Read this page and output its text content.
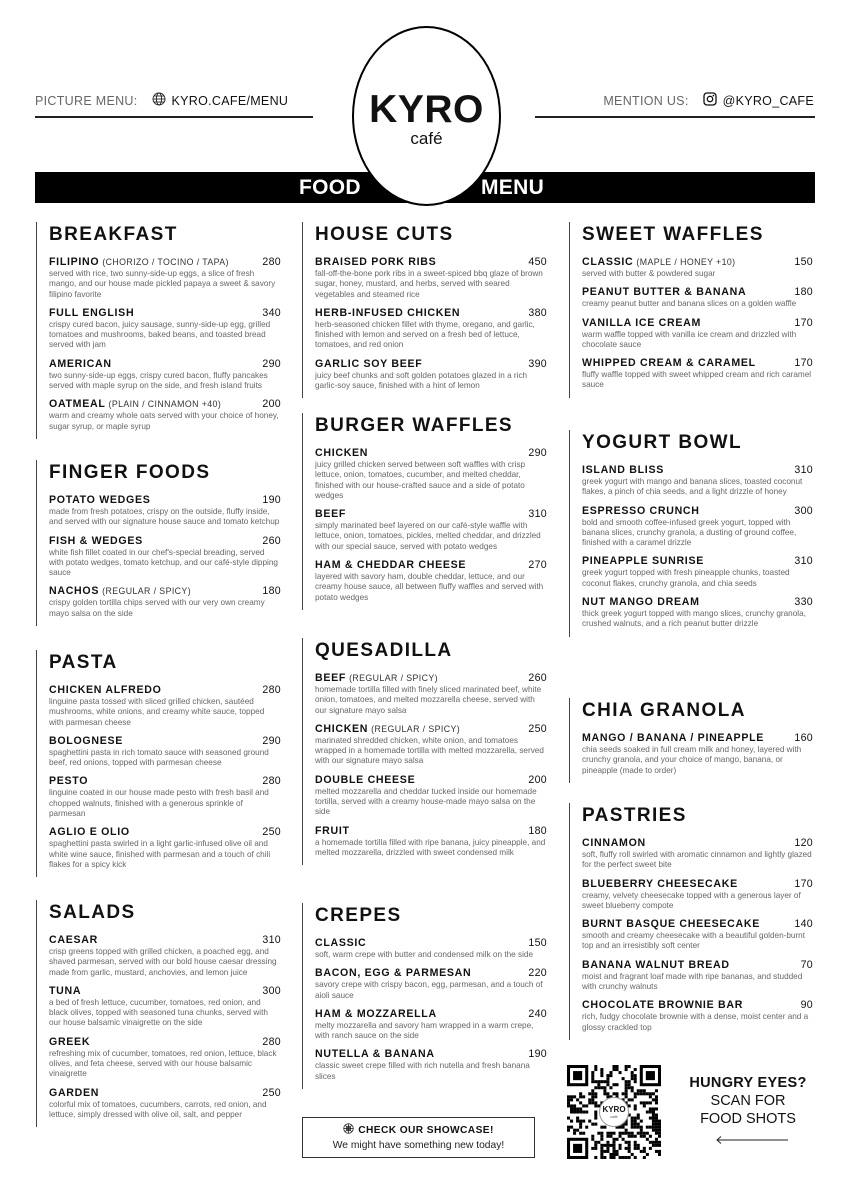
PICTURE MENU:	KYRO.CAFE/MENU	MENTION US:	@KYRO_CAFE
FOOD	MENU
KYRO
café
BREAKFAST
FILIPINO (CHORIZO / TOCINO / TAPA)	280
served with rice, two sunny-side-up eggs, a slice of fresh mango, and our house made pickled papaya a sweet & savory filipino favorite
FULL ENGLISH	340
crispy cured bacon, juicy sausage, sunny-side-up egg, grilled tomatoes and mushrooms, baked beans, and toasted bread served with jam
AMERICAN	290
two sunny-side-up eggs, crispy cured bacon, fluffy pancakes served with maple syrup on the side, and fresh island fruits
OATMEAL (PLAIN / CINNAMON +40)	200
warm and creamy whole oats served with your choice of honey, sugar syrup, or maple syrup
FINGER FOODS
POTATO WEDGES	190
made from fresh potatoes, crispy on the outside, fluffy inside, and served with our signature house sauce and tomato ketchup
FISH & WEDGES	260
white fish fillet coated in our chef's-special breading, served with potato wedges, tomato ketchup, and our café-style dipping sauce
NACHOS (REGULAR / SPICY)	180
crispy golden tortilla chips served with our very own creamy mayo salsa on the side
PASTA
CHICKEN ALFREDO	280
linguine pasta tossed with sliced grilled chicken, sautéed mushrooms, white onions, and creamy white sauce, topped with parmesan cheese
BOLOGNESE	290
spaghettini pasta in rich tomato sauce with seasoned ground beef, red onions, topped with parmesan cheese
PESTO	280
linguine coated in our house made pesto with fresh basil and chopped walnuts, finished with a generous sprinkle of parmesan
AGLIO E OLIO	250
spaghettini pasta swirled in a light garlic-infused olive oil and white wine sauce, finished with parmesan and a touch of chili flakes for a spicy kick
SALADS
CAESAR	310
crisp greens topped with grilled chicken, a poached egg, and shaved parmesan, served with our bold house caesar dressing made from garlic, mustard, anchovies, and lemon juice
TUNA	300
a bed of fresh lettuce, cucumber, tomatoes, red onion, and black olives, topped with seasoned tuna chunks, served with our house balsamic vinaigrette on the side
GREEK	280
refreshing mix of cucumber, tomatoes, red onion, lettuce, black olives, and feta cheese, served with our house balsamic vinaigrette
GARDEN	250
colorful mix of tomatoes, cucumbers, carrots, red onion, and lettuce, simply dressed with olive oil, salt, and pepper
HOUSE CUTS
BRAISED PORK RIBS	450
fall-off-the-bone pork ribs in a sweet-spiced bbq glaze of brown sugar, honey, mustard, and herbs, served with seared vegetables and steamed rice
HERB-INFUSED CHICKEN	380
herb-seasoned chicken fillet with thyme, oregano, and garlic, finished with lemon and served on a fresh bed of lettuce, tomatoes, and red onion
GARLIC SOY BEEF	390
juicy beef chunks and soft golden potatoes glazed in a rich garlic-soy sauce, finished with a hint of lemon
BURGER WAFFLES
CHICKEN	290
juicy grilled chicken served between soft waffles with crisp lettuce, onion, tomatoes, cucumber, and melted cheddar, finished with our house-crafted sauce and a side of potato wedges
BEEF	310
simply marinated beef layered on our café-style waffle with lettuce, onion, tomatoes, pickles, melted cheddar, and drizzled with our special sauce, served with potato wedges
HAM & CHEDDAR CHEESE	270
layered with savory ham, double cheddar, lettuce, and our creamy house sauce, all between fluffy waffles and served with potato wedges
QUESADILLA
BEEF (REGULAR / SPICY)	260
homemade tortilla filled with finely sliced marinated beef, white onion, tomatoes, and melted mozzarella cheese, served with our signature mayo salsa
CHICKEN (REGULAR / SPICY)	250
marinated shredded chicken, white onion, and tomatoes wrapped in a homemade tortilla with melted mozzarella, served with our signature mayo salsa
DOUBLE CHEESE	200
melted mozzarella and cheddar tucked inside our homemade tortilla, served with a creamy house-made mayo salsa on the side
FRUIT	180
a homemade tortilla filled with ripe banana, juicy pineapple, and melted mozzarella, drizzled with sweet condensed milk
CREPES
CLASSIC	150
soft, warm crepe with butter and condensed milk on the side
BACON, EGG & PARMESAN	220
savory crepe with crispy bacon, egg, parmesan, and a touch of aioli sauce
HAM & MOZZARELLA	240
melty mozzarella and savory ham wrapped in a warm crepe, with ranch sauce on the side
NUTELLA & BANANA	190
classic sweet crepe filled with rich nutella and fresh banana slices
SWEET WAFFLES
CLASSIC (MAPLE / HONEY +10)	150
served with butter & powdered sugar
PEANUT BUTTER & BANANA	180
creamy peanut butter and banana slices on a golden waffle
VANILLA ICE CREAM	170
warm waffle topped with vanilla ice cream and drizzled with chocolate sauce
WHIPPED CREAM & CARAMEL	170
fluffy waffle topped with sweet whipped cream and rich caramel sauce
YOGURT BOWL
ISLAND BLISS	310
greek yogurt with mango and banana slices, toasted coconut flakes, a pinch of chia seeds, and a light drizzle of honey
ESPRESSO CRUNCH	300
bold and smooth coffee-infused greek yogurt, topped with banana slices, crunchy granola, a dusting of ground coffee, finished with a caramel drizzle
PINEAPPLE SUNRISE	310
greek yogurt topped with fresh pineapple chunks, toasted coconut flakes, crunchy granola, and chia seeds
NUT MANGO DREAM	330
thick greek yogurt topped with mango slices, crunchy granola, crushed walnuts, and a rich peanut butter drizzle
CHIA GRANOLA
MANGO / BANANA / PINEAPPLE	160
chia seeds soaked in full cream milk and honey, layered with crunchy granola, and your choice of mango, banana, or pineapple (made to order)
PASTRIES
CINNAMON	120
soft, fluffy roll swirled with aromatic cinnamon and lightly glazed for the perfect sweet bite
BLUEBERRY CHEESECAKE	170
creamy, velvety cheesecake topped with a generous layer of sweet blueberry compote
BURNT BASQUE CHEESECAKE	140
smooth and creamy cheesecake with a beautiful golden-burnt top and an irresistibly soft center
BANANA WALNUT BREAD	70
moist and fragrant loaf made with ripe bananas, and studded with crunchy walnuts
CHOCOLATE BROWNIE BAR	90
rich, fudgy chocolate brownie with a dense, moist center and a glossy crackled top
CHECK OUR SHOWCASE!
We might have something new today!
KYRO
café
HUNGRY EYES?
SCAN FOR
FOOD SHOTS
